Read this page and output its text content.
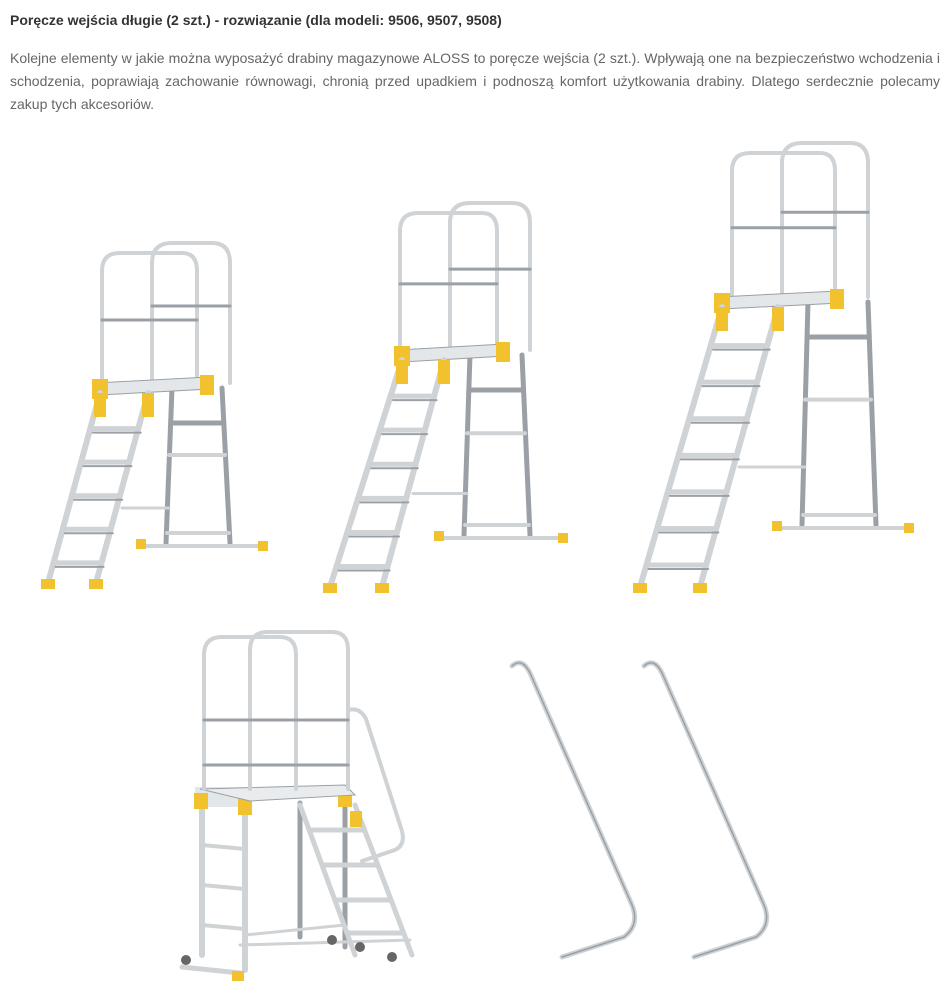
Poręcze wejścia długie (2 szt.) - rozwiązanie (dla modeli: 9506, 9507, 9508)

Kolejne elementy w jakie można wyposażyć drabiny magazynowe ALOSS to poręcze wejścia (2 szt.). Wpływają one na bezpieczeństwo wchodzenia i schodzenia, poprawiają zachowanie równowagi, chronią przed upadkiem i podnoszą komfort użytkowania drabiny. Dlatego serdecznie polecamy zakup tych akcesoriów.
